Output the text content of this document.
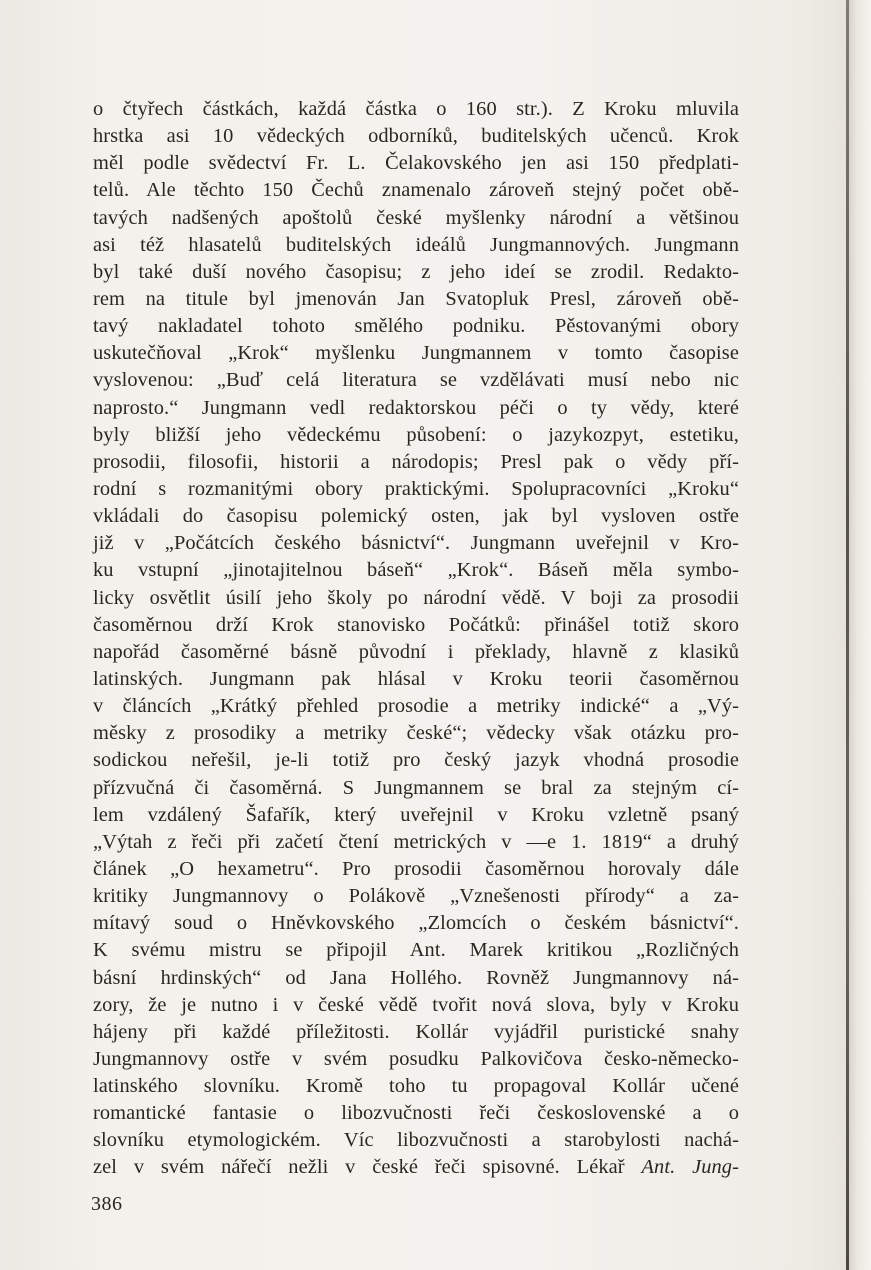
o čtyřech částkách, každá částka o 160 str.). Z Kroku mluvila
hrstka asi 10 vědeckých odborníků, buditelských učenců. Krok
měl podle svědectví Fr. L. Čelakovského jen asi 150 předplati-
telů. Ale těchto 150 Čechů znamenalo zároveň stejný počet obě-
tavých nadšených apoštolů české myšlenky národní a většinou
asi též hlasatelů buditelských ideálů Jungmannových. Jungmann
byl také duší nového časopisu; z jeho ideí se zrodil. Redakto-
rem na titule byl jmenován Jan Svatopluk Presl, zároveň obě-
tavý nakladatel tohoto smělého podniku. Pěstovanými obory
uskutečňoval „Krok“ myšlenku Jungmannem v tomto časopise
vyslovenou: „Buď celá literatura se vzdělávati musí nebo nic
naprosto.“ Jungmann vedl redaktorskou péči o ty vědy, které
byly bližší jeho vědeckému působení: o jazykozpyt, estetiku,
prosodii, filosofii, historii a národopis; Presl pak o vědy pří-
rodní s rozmanitými obory praktickými. Spolupracovníci „Kroku“
vkládali do časopisu polemický osten, jak byl vysloven ostře
již v „Počátcích českého básnictví“. Jungmann uveřejnil v Kro-
ku vstupní „jinotajitelnou báseň“ „Krok“. Báseň měla symbo-
licky osvětlit úsilí jeho školy po národní vědě. V boji za prosodii
časoměrnou drží Krok stanovisko Počátků: přinášel totiž skoro
napořád časoměrné básně původní i překlady, hlavně z klasiků
latinských. Jungmann pak hlásal v Kroku teorii časoměrnou
v článcích „Krátký přehled prosodie a metriky indické“ a „Vý-
měsky z prosodiky a metriky české“; vědecky však otázku pro-
sodickou neřešil, je-li totiž pro český jazyk vhodná prosodie
přízvučná či časoměrná. S Jungmannem se bral za stejným cí-
lem vzdálený Šafařík, který uveřejnil v Kroku vzletně psaný
„Výtah z řeči při začetí čtení metrických v —e 1. 1819“ a druhý
článek „O hexametru“. Pro prosodii časoměrnou horovaly dále
kritiky Jungmannovy o Polákově „Vznešenosti přírody“ a za-
mítavý soud o Hněvkovského „Zlomcích o českém básnictví“.
K svému mistru se připojil Ant. Marek kritikou „Rozličných
básní hrdinských“ od Jana Hollého. Rovněž Jungmannovy ná-
zory, že je nutno i v české vědě tvořit nová slova, byly v Kroku
hájeny při každé příležitosti. Kollár vyjádřil puristické snahy
Jungmannovy ostře v svém posudku Palkovičova česko-německo-
latinského slovníku. Kromě toho tu propagoval Kollár učené
romantické fantasie o libozvučnosti řeči československé a o
slovníku etymologickém. Víc libozvučnosti a starobylosti nachá-
zel v svém nářečí nežli v české řeči spisovné. Lékař Ant. Jung-
386
